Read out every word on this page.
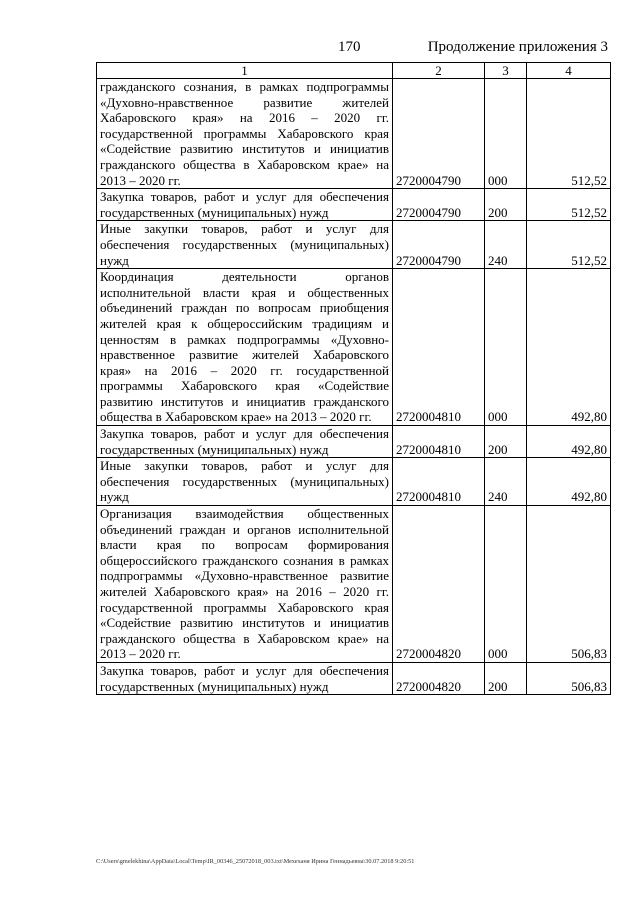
170	Продолжение приложения 3
1	2	3	4
гражданского сознания, в рамках подпрограммы «Духовно-нравственное развитие жителей Хабаровского края» на 2016 – 2020 гг. государственной программы Хабаровского края «Содействие развитию институтов и инициатив гражданского общества в Хабаровском крае» на 2013 – 2020 гг.	2720004790	000	512,52
Закупка товаров, работ и услуг для обеспечения государственных (муниципальных) нужд	2720004790	200	512,52
Иные закупки товаров, работ и услуг для обеспечения государственных (муниципальных) нужд	2720004790	240	512,52
Координация деятельности органов исполнительной власти края и общественных объединений граждан по вопросам приобщения жителей края к общероссийским традициям и ценностям в рамках подпрограммы «Духовно-нравственное развитие жителей Хабаровского края» на 2016 – 2020 гг. государственной программы Хабаровского края «Содействие развитию институтов и инициатив гражданского общества в Хабаровском крае» на 2013 – 2020 гг.	2720004810	000	492,80
Закупка товаров, работ и услуг для обеспечения государственных (муниципальных) нужд	2720004810	200	492,80
Иные закупки товаров, работ и услуг для обеспечения государственных (муниципальных) нужд	2720004810	240	492,80
Организация взаимодействия общественных объединений граждан и органов исполнительной власти края по вопросам формирования общероссийского гражданского сознания в рамках подпрограммы «Духовно-нравственное развитие жителей Хабаровского края» на 2016 – 2020 гг. государственной программы Хабаровского края «Содействие развитию институтов и инициатив гражданского общества в Хабаровском крае» на 2013 – 2020 гг.	2720004820	000	506,83
Закупка товаров, работ и услуг для обеспечения государственных (муниципальных) нужд	2720004820	200	506,83
C:\Users\gmelekhina\AppData\Local\Temp\IR_00346_25072018_003.txt\Мехеханя Ирина Геннадьевна\30.07.2018 9:20:51
